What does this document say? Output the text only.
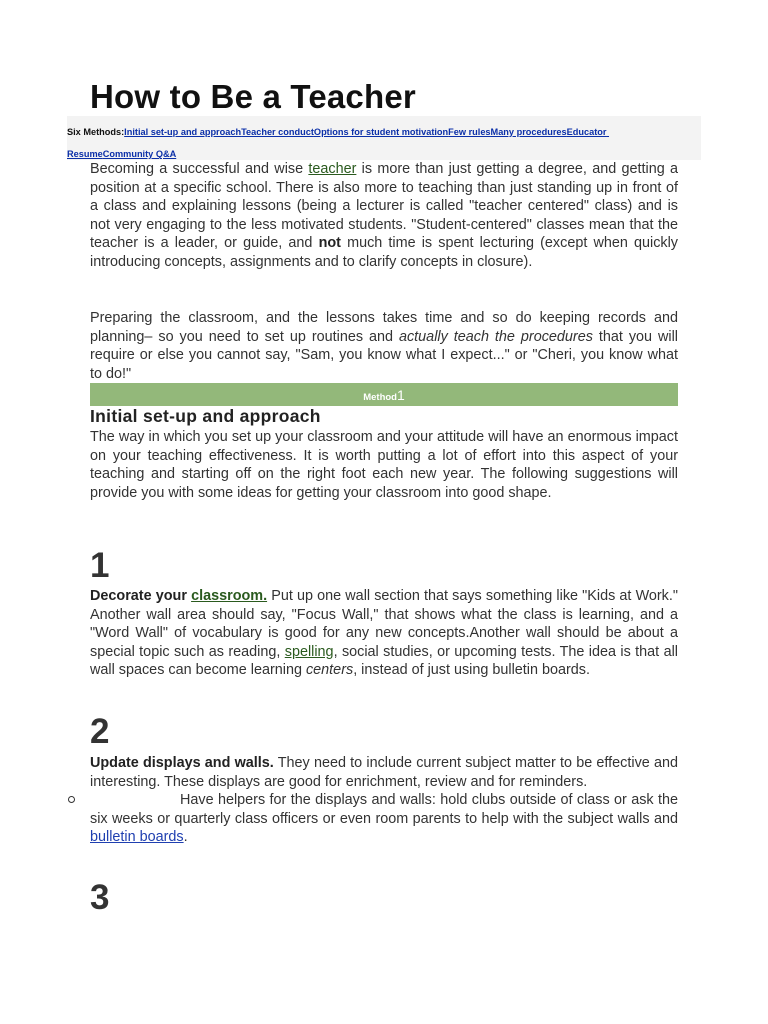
How to Be a Teacher
Six Methods:Initial set-up and approachTeacher conductOptions for student motivationFew rulesMany proceduresEducator
ResumeCommunity Q&A

Becoming a successful and wise teacher is more than just getting a degree, and getting a position at a specific school. There is also more to teaching than just standing up in front of a class and explaining lessons (being a lecturer is called "teacher centered" class) and is not very engaging to the less motivated students. "Student-centered" classes mean that the teacher is a leader, or guide, and not much time is spent lecturing (except when quickly introducing concepts, assignments and to clarify concepts in closure).

Preparing the classroom, and the lessons takes time and so do keeping records and planning– so you need to set up routines and actually teach the procedures that you will require or else you cannot say, "Sam, you know what I expect..." or "Cheri, you know what to do!"

Method1
Initial set-up and approach

The way in which you set up your classroom and your attitude will have an enormous impact on your teaching effectiveness. It is worth putting a lot of effort into this aspect of your teaching and starting off on the right foot each new year. The following suggestions will provide you with some ideas for getting your classroom into good shape.

1

Decorate your classroom. Put up one wall section that says something like "Kids at Work." Another wall area should say, "Focus Wall," that shows what the class is learning, and a "Word Wall" of vocabulary is good for any new concepts.Another wall should be about a special topic such as reading, spelling, social studies, or upcoming tests. The idea is that all wall spaces can become learning centers, instead of just using bulletin boards.

2

Update displays and walls. They need to include current subject matter to be effective and interesting. These displays are good for enrichment, review and for reminders.

Have helpers for the displays and walls: hold clubs outside of class or ask the six weeks or quarterly class officers or even room parents to help with the subject walls and bulletin boards.

3
